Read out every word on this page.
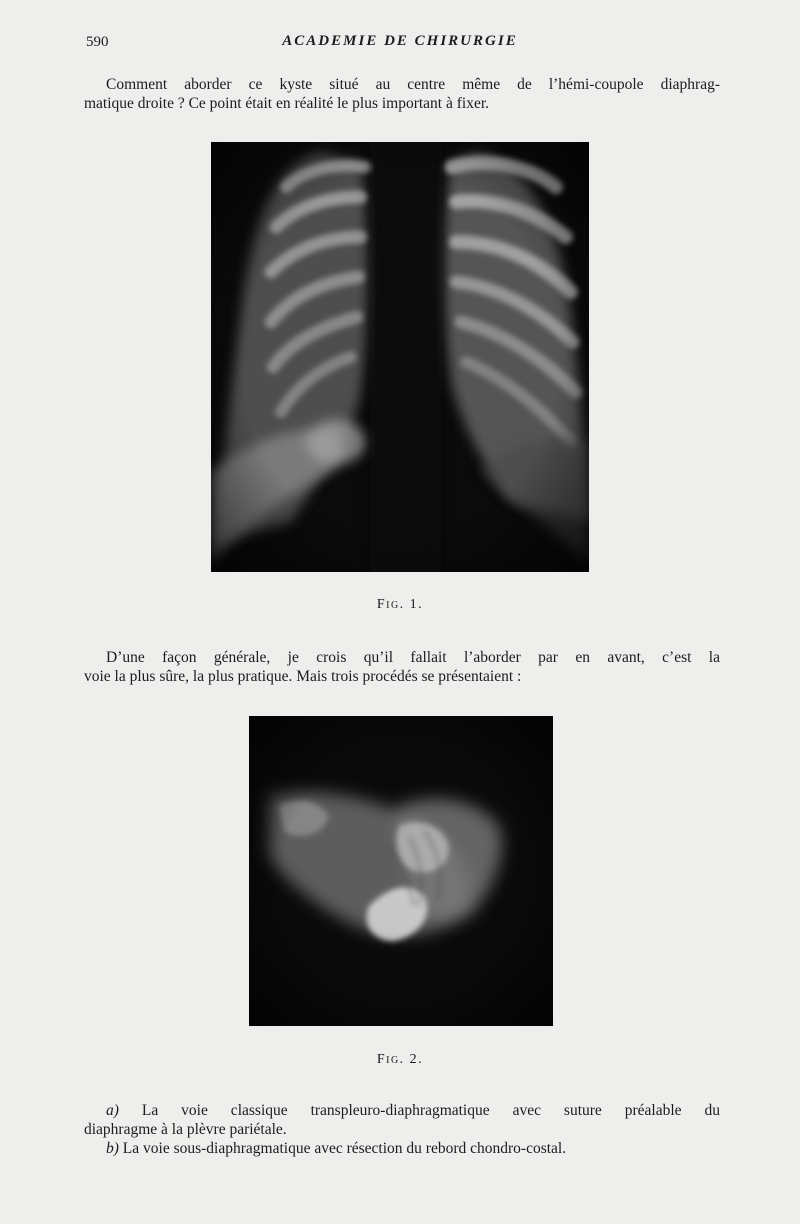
590	ACADEMIE DE CHIRURGIE
Comment aborder ce kyste situé au centre même de l’hémi-coupole diaphrag-
matique droite ? Ce point était en réalité le plus important à fixer.
Fig. 1.
D’une façon générale, je crois qu’il fallait l’aborder par en avant, c’est la
voie la plus sûre, la plus pratique. Mais trois procédés se présentaient :
Fig. 2.
a) La voie classique transpleuro-diaphragmatique avec suture préalable du
diaphragme à la plèvre pariétale.
b) La voie sous-diaphragmatique avec résection du rebord chondro-costal.
